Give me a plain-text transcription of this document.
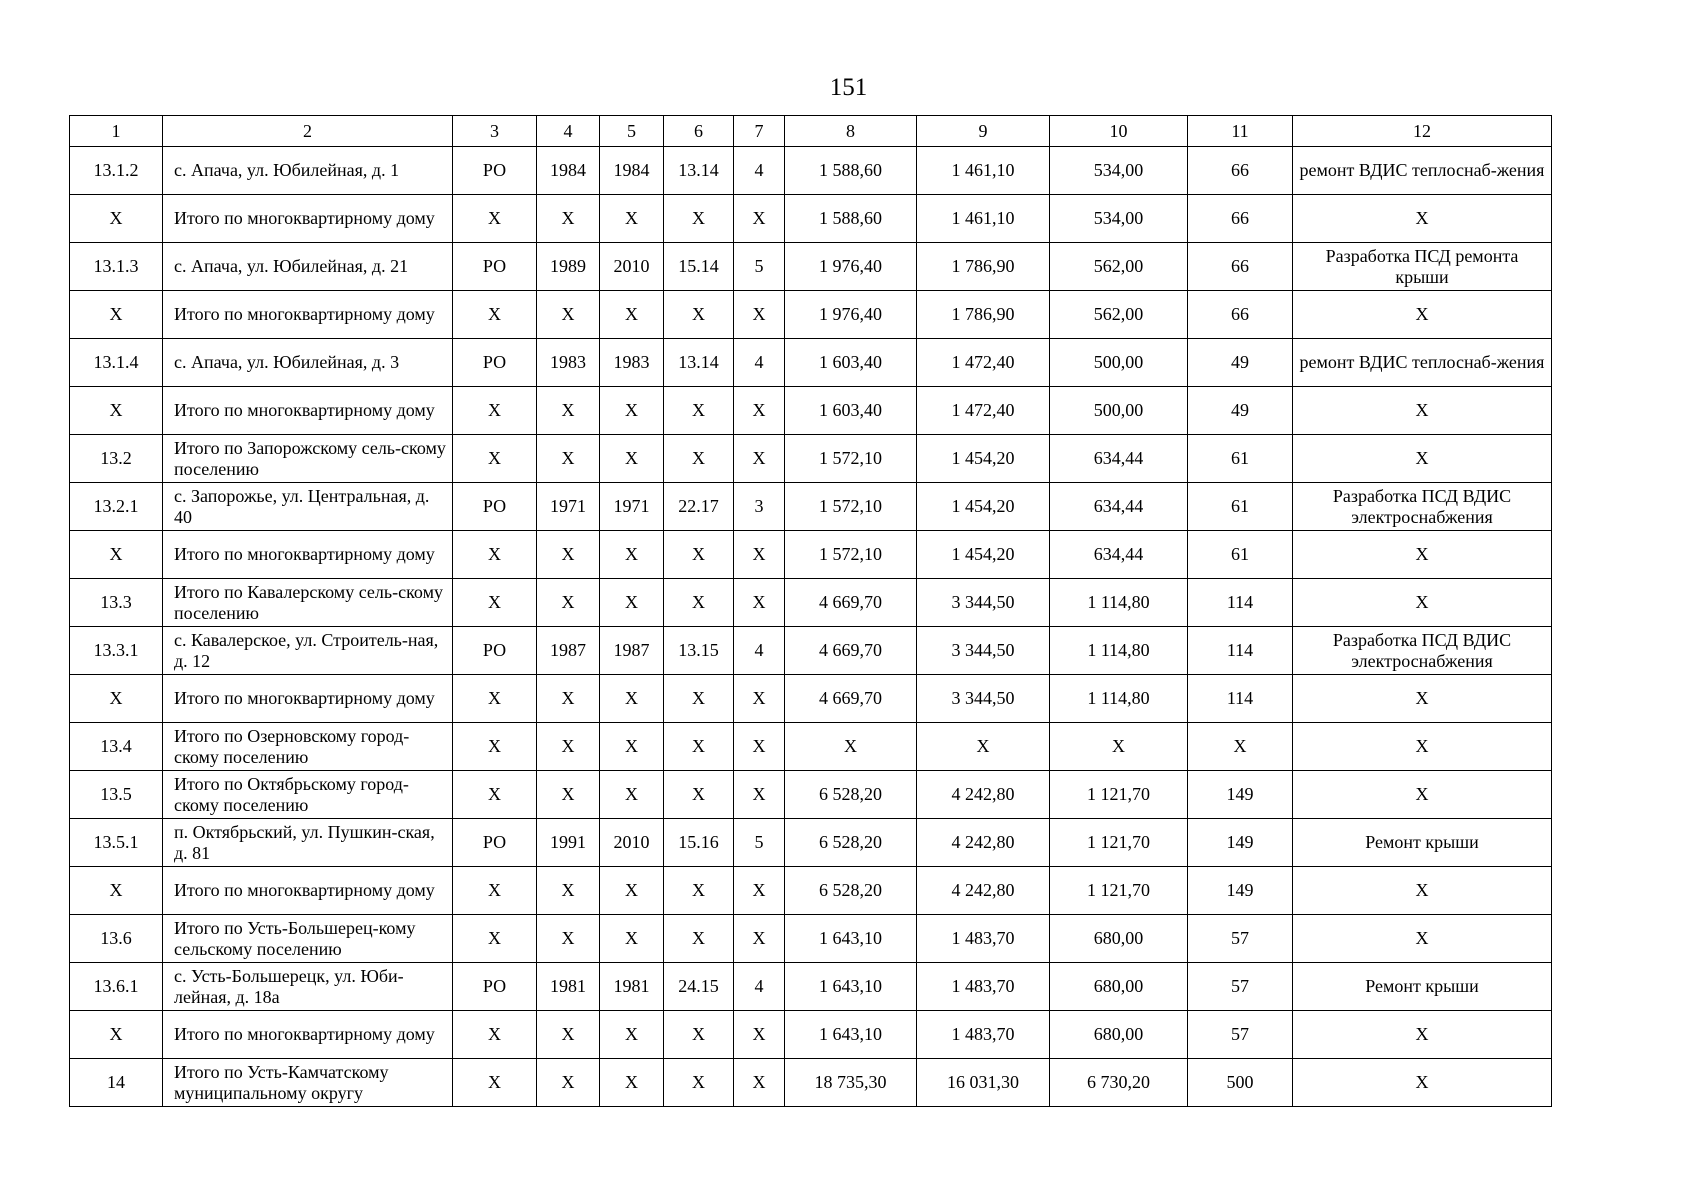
151
1	2	3	4	5	6	7	8	9	10	11	12
13.1.2	с. Апача, ул. Юбилейная, д. 1	РО	1984	1984	13.14	4	1 588,60	1 461,10	534,00	66	ремонт ВДИС теплоснаб-жения
Х	Итого по многоквартирному дому	Х	Х	Х	Х	Х	1 588,60	1 461,10	534,00	66	Х
13.1.3	с. Апача, ул. Юбилейная, д. 21	РО	1989	2010	15.14	5	1 976,40	1 786,90	562,00	66	Разработка ПСД ремонта крыши
Х	Итого по многоквартирному дому	Х	Х	Х	Х	Х	1 976,40	1 786,90	562,00	66	Х
13.1.4	с. Апача, ул. Юбилейная, д. 3	РО	1983	1983	13.14	4	1 603,40	1 472,40	500,00	49	ремонт ВДИС теплоснаб-жения
Х	Итого по многоквартирному дому	Х	Х	Х	Х	Х	1 603,40	1 472,40	500,00	49	Х
13.2	Итого по Запорожскому сель-скому поселению	Х	Х	Х	Х	Х	1 572,10	1 454,20	634,44	61	Х
13.2.1	с. Запорожье, ул. Центральная, д. 40	РО	1971	1971	22.17	3	1 572,10	1 454,20	634,44	61	Разработка ПСД ВДИС электроснабжения
Х	Итого по многоквартирному дому	Х	Х	Х	Х	Х	1 572,10	1 454,20	634,44	61	Х
13.3	Итого по Кавалерскому сель-скому поселению	Х	Х	Х	Х	Х	4 669,70	3 344,50	1 114,80	114	Х
13.3.1	с. Кавалерское, ул. Строитель-ная, д. 12	РО	1987	1987	13.15	4	4 669,70	3 344,50	1 114,80	114	Разработка ПСД ВДИС электроснабжения
Х	Итого по многоквартирному дому	Х	Х	Х	Х	Х	4 669,70	3 344,50	1 114,80	114	Х
13.4	Итого по Озерновскому город-скому поселению	Х	Х	Х	Х	Х	Х	Х	Х	Х	Х
13.5	Итого по Октябрьскому город-скому поселению	Х	Х	Х	Х	Х	6 528,20	4 242,80	1 121,70	149	Х
13.5.1	п. Октябрьский, ул. Пушкин-ская, д. 81	РО	1991	2010	15.16	5	6 528,20	4 242,80	1 121,70	149	Ремонт крыши
Х	Итого по многоквартирному дому	Х	Х	Х	Х	Х	6 528,20	4 242,80	1 121,70	149	Х
13.6	Итого по Усть-Большерец-кому сельскому поселению	Х	Х	Х	Х	Х	1 643,10	1 483,70	680,00	57	Х
13.6.1	с. Усть-Большерецк, ул. Юби-лейная, д. 18а	РО	1981	1981	24.15	4	1 643,10	1 483,70	680,00	57	Ремонт крыши
Х	Итого по многоквартирному дому	Х	Х	Х	Х	Х	1 643,10	1 483,70	680,00	57	Х
14	Итого по Усть-Камчатскому муниципальному округу	Х	Х	Х	Х	Х	18 735,30	16 031,30	6 730,20	500	Х
